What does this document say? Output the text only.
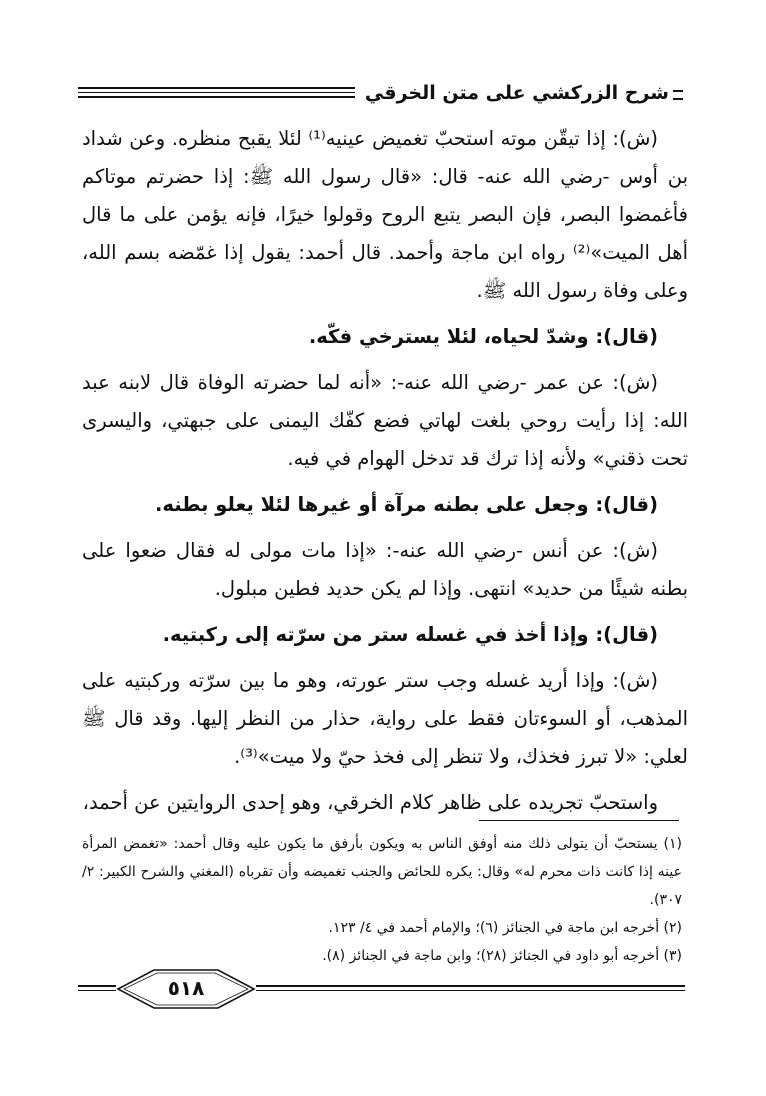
شرح الزركشي على متن الخرقي

(ش): إذا تيقّن موته استحبّ تغميض عينيه⁽¹⁾ لئلا يقبح منظره. وعن شداد بن أوس -رضي الله عنه- قال: «قال رسول الله ﷺ: إذا حضرتم موتاكم فأغمضوا البصر، فإن البصر يتبع الروح وقولوا خيرًا، فإنه يؤمن على ما قال أهل الميت»⁽²⁾ رواه ابن ماجة وأحمد. قال أحمد: يقول إذا غمّضه بسم الله، وعلى وفاة رسول الله ﷺ.

(قال): وشدّ لحياه، لئلا يسترخي فكّه.

(ش): عن عمر -رضي الله عنه-: «أنه لما حضرته الوفاة قال لابنه عبد الله: إذا رأيت روحي بلغت لهاتي فضع كفّك اليمنى على جبهتي، واليسرى تحت ذقني» ولأنه إذا ترك قد تدخل الهوام في فيه.

(قال): وجعل على بطنه مرآة أو غيرها لئلا يعلو بطنه.

(ش): عن أنس -رضي الله عنه-: «إذا مات مولى له فقال ضعوا على بطنه شيئًا من حديد» انتهى. وإذا لم يكن حديد فطين مبلول.

(قال): وإذا أخذ في غسله ستر من سرّته إلى ركبتيه.

(ش): وإذا أريد غسله وجب ستر عورته، وهو ما بين سرّته وركبتيه على المذهب، أو السوءتان فقط على رواية، حذار من النظر إليها. وقد قال ﷺ لعلي: «لا تبرز فخذك، ولا تنظر إلى فخذ حيّ ولا ميت»⁽³⁾.

واستحبّ تجريده على ظاهر كلام الخرقي، وهو إحدى الروايتين عن أحمد،

(١) يستحبّ أن يتولى ذلك منه أوفق الناس به ويكون بأرفق ما يكون عليه وقال أحمد: «تغمض المرأة عينه إذا كانت ذات محرم له» وقال: يكره للحائض والجنب تغميضه وأن تقرباه (المغني والشرح الكبير: ٢/ ٣٠٧).

(٢) أخرجه ابن ماجة في الجنائز (٦)؛ والإمام أحمد في ٤/ ١٢٣.

(٣) أخرجه أبو داود في الجنائز (٢٨)؛ وابن ماجة في الجنائز (٨).

٥١٨
